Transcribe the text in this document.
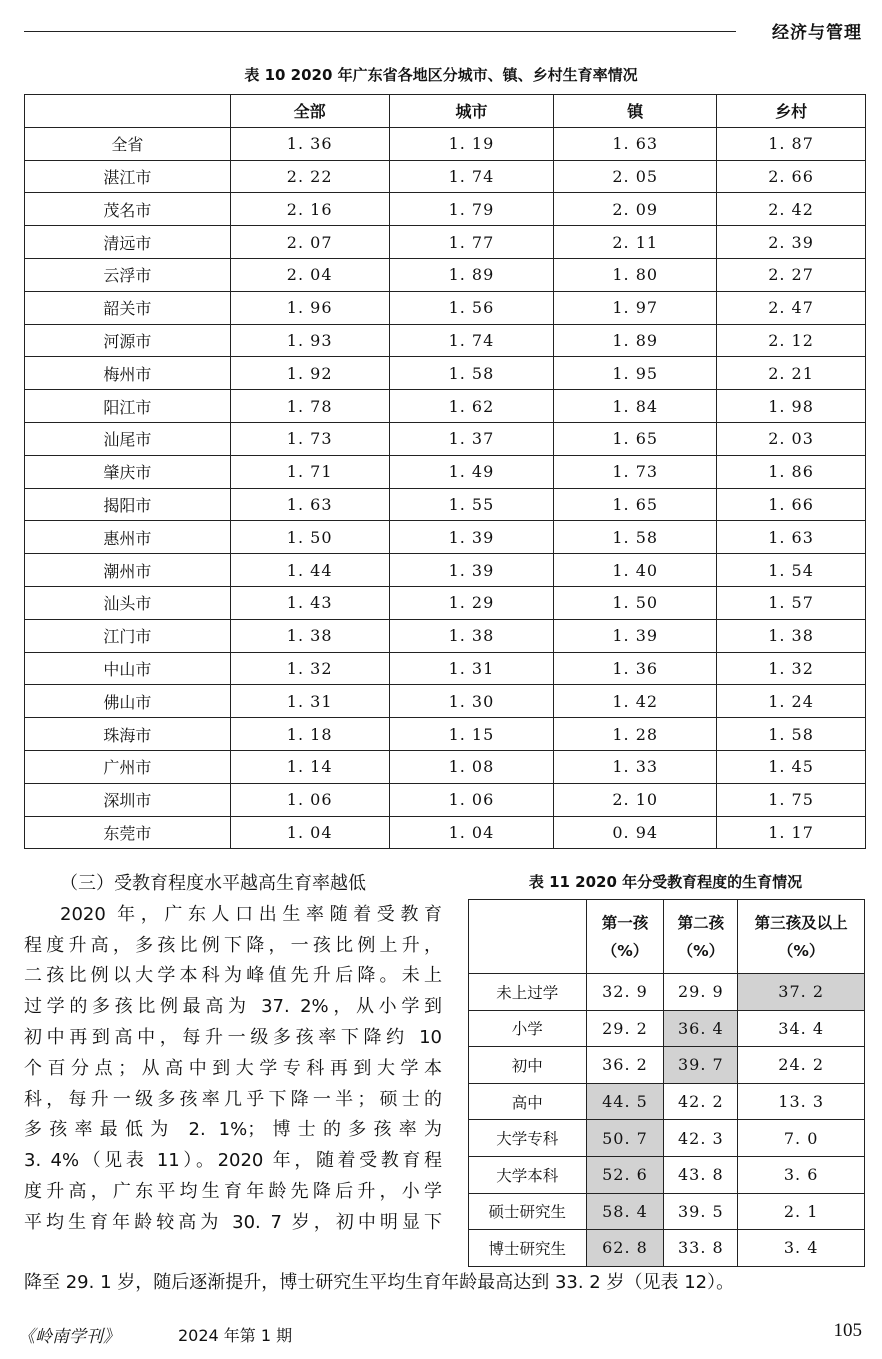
经济与管理
表 10 2020 年广东省各地区分城市、镇、乡村生育率情况
	全部	城市	镇	乡村
全省	1. 36	1. 19	1. 63	1. 87
湛江市	2. 22	1. 74	2. 05	2. 66
茂名市	2. 16	1. 79	2. 09	2. 42
清远市	2. 07	1. 77	2. 11	2. 39
云浮市	2. 04	1. 89	1. 80	2. 27
韶关市	1. 96	1. 56	1. 97	2. 47
河源市	1. 93	1. 74	1. 89	2. 12
梅州市	1. 92	1. 58	1. 95	2. 21
阳江市	1. 78	1. 62	1. 84	1. 98
汕尾市	1. 73	1. 37	1. 65	2. 03
肇庆市	1. 71	1. 49	1. 73	1. 86
揭阳市	1. 63	1. 55	1. 65	1. 66
惠州市	1. 50	1. 39	1. 58	1. 63
潮州市	1. 44	1. 39	1. 40	1. 54
汕头市	1. 43	1. 29	1. 50	1. 57
江门市	1. 38	1. 38	1. 39	1. 38
中山市	1. 32	1. 31	1. 36	1. 32
佛山市	1. 31	1. 30	1. 42	1. 24
珠海市	1. 18	1. 15	1. 28	1. 58
广州市	1. 14	1. 08	1. 33	1. 45
深圳市	1. 06	1. 06	2. 10	1. 75
东莞市	1. 04	1. 04	0. 94	1. 17

（三）受教育程度水平越高生育率越低

2020 年，广东人口出生率随着受教育

程度升高，多孩比例下降，一孩比例上升，

二孩比例以大学本科为峰值先升后降。未上

过学的多孩比例最高为 37. 2%，从小学到

初中再到高中，每升一级多孩率下降约 10

个百分点；从高中到大学专科再到大学本

科，每升一级多孩率几乎下降一半；硕士的

多孩率最低为 2. 1%；博士的多孩率为

3. 4%（见表 11）。2020 年，随着受教育程

度升高，广东平均生育年龄先降后升，小学

平均生育年龄较高为 30. 7 岁，初中明显下

表 11 2020 年分受教育程度的生育情况
	第一孩（%）	第二孩（%）	第三孩及以上（%）
未上过学	32. 9	29. 9	37. 2
小学	29. 2	36. 4	34. 4
初中	36. 2	39. 7	24. 2
高中	44. 5	42. 2	13. 3
大学专科	50. 7	42. 3	7. 0
大学本科	52. 6	43. 8	3. 6
硕士研究生	58. 4	39. 5	2. 1
博士研究生	62. 8	33. 8	3. 4
降至 29. 1 岁，随后逐渐提升，博士研究生平均生育年龄最高达到 33. 2 岁（见表 12）。
《岭南学刊》	2024 年第 1 期	105
